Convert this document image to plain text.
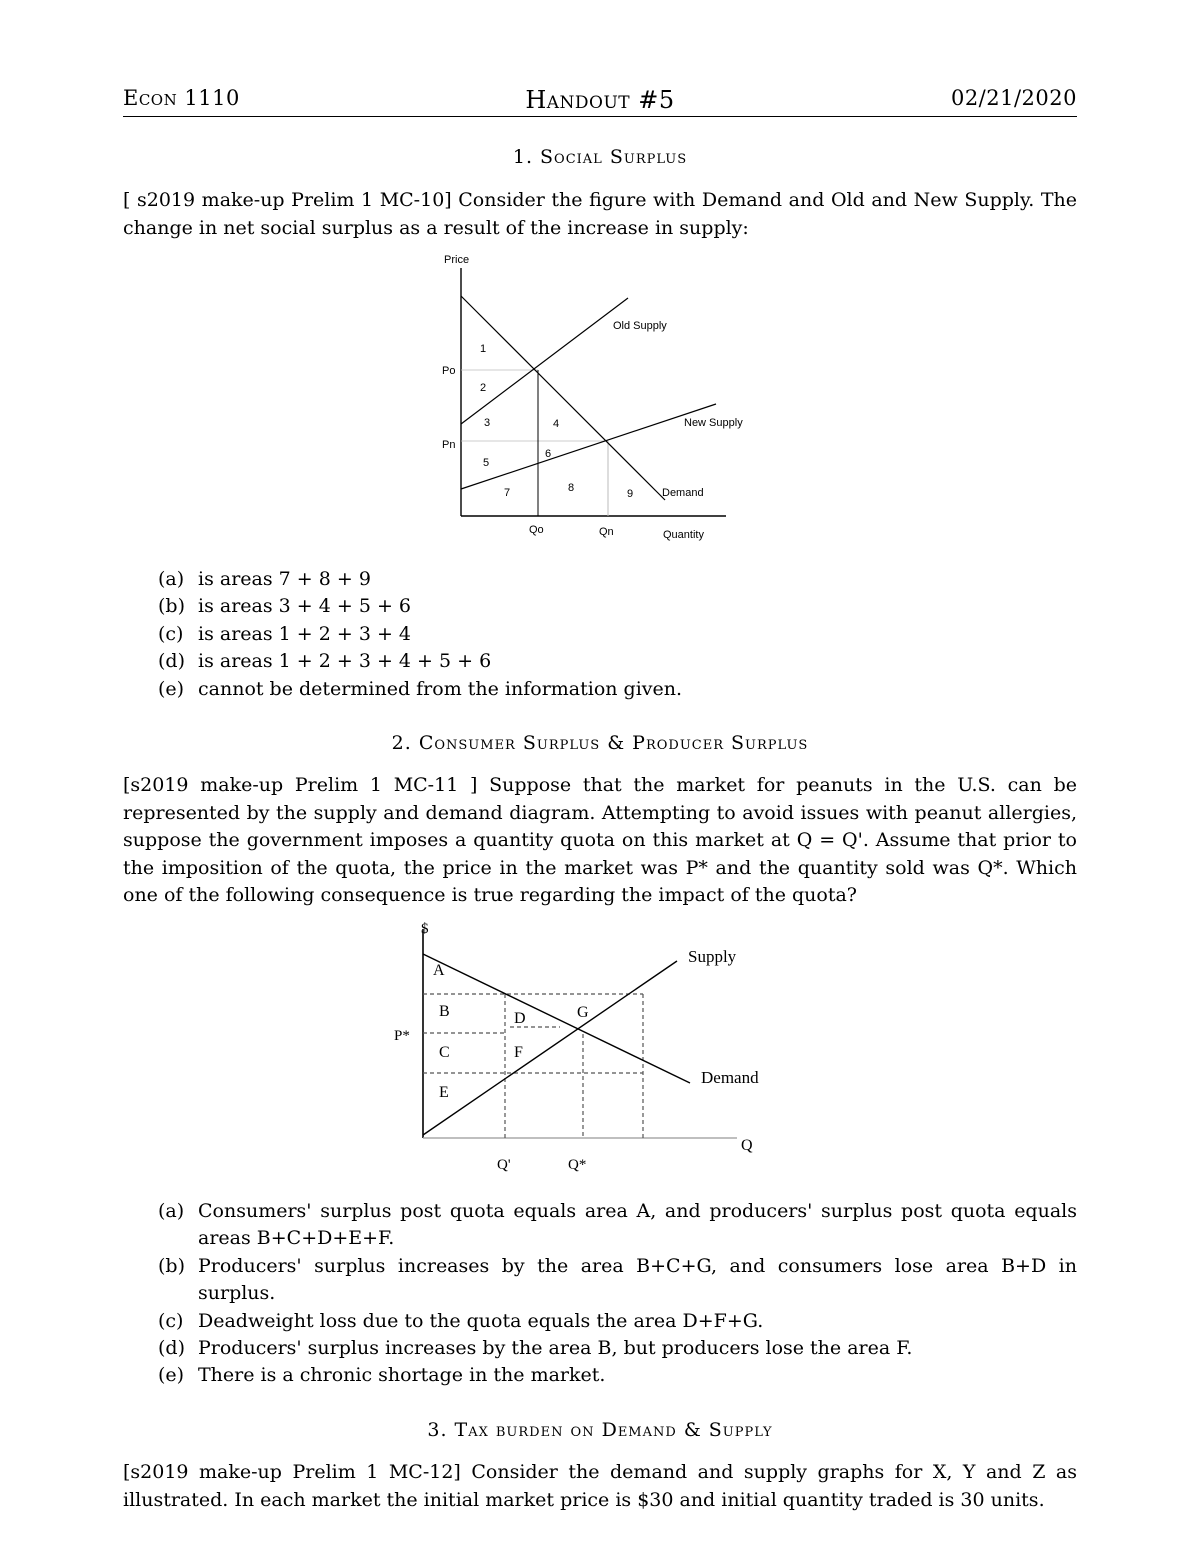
Econ 1110	Handout #5	02/21/2020
1. Social Surplus
[ s2019 make-up Prelim 1 MC-10] Consider the figure with Demand and Old and New Supply. The change in net social surplus as a result of the increase in supply:
Price
Quantity
Po
Pn
Qo	Qn
Old Supply
New Supply
Demand
1
2
3	4
5
6
7	8	9
(a) is areas 7 + 8 + 9
(b) is areas 3 + 4 + 5 + 6
(c) is areas 1 + 2 + 3 + 4
(d) is areas 1 + 2 + 3 + 4 + 5 + 6
(e) cannot be determined from the information given.
2. Consumer Surplus & Producer Surplus
[s2019 make-up Prelim 1 MC-11 ] Suppose that the market for peanuts in the U.S. can be represented by the supply and demand diagram. Attempting to avoid issues with peanut allergies, suppose the government imposes a quantity quota on this market at Q = Q'. Assume that prior to the imposition of the quota, the price in the market was P* and the quantity sold was Q*. Which one of the following consequence is true regarding the impact of the quota?
$
Q
P*
Q'	Q*
Supply
Demand
A
B
C
D
E
F
G
(a) Consumers' surplus post quota equals area A, and producers' surplus post quota equals areas B+C+D+E+F.
(b) Producers' surplus increases by the area B+C+G, and consumers lose area B+D in surplus.
(c) Deadweight loss due to the quota equals the area D+F+G.
(d) Producers' surplus increases by the area B, but producers lose the area F.
(e) There is a chronic shortage in the market.
3. Tax burden on Demand & Supply
[s2019 make-up Prelim 1 MC-12] Consider the demand and supply graphs for X, Y and Z as illustrated. In each market the initial market price is $30 and initial quantity traded is 30 units.
